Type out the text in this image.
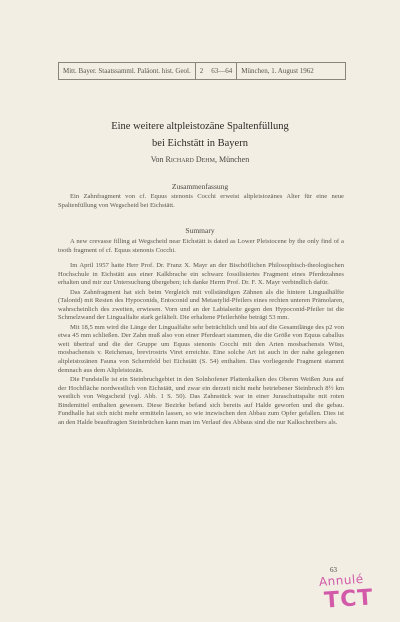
Mitt. Bayer. Staatssamml. Paläont. hist. Geol.	2	63—64	München, 1. August 1962
Eine weitere altpleistozäne Spaltenfüllung
bei Eichstätt in Bayern
Von Richard Dehm, München
Zusammenfassung

Ein Zahnfragment von cf. Equus stenonis Cocchi erweist altpleistozänes Alter für eine neue Spaltenfüllung von Wegscheid bei Eichstätt.

Summary

A new crevasse filling at Wegscheid near Eichstätt is dated as Lower Pleistocene by the only find of a tooth fragment of cf. Equus stenonis Cocchi.

Im April 1957 hatte Herr Prof. Dr. Franz X. Mayr an der Bischöflichen Philosophisch-theologischen Hochschule in Eichstätt aus einer Kalkbrache ein schwarz fossilisiertes Fragment eines Pferdezahnes erhalten und mir zur Untersuchung übergeben; ich danke Herrn Prof. Dr. F. X. Mayr verbindlich dafür.

Das Zahnfragment hat sich beim Vergleich mit vollständigen Zähnen als die hintere Lingualhälfte (Talonid) mit Resten des Hypoconids, Entoconid und Metastylid-Pfeilers eines rechten unteren Prämolaren, wahrscheinlich des zweiten, erwiesen. Vorn und an der Labialseite gegen den Hypoconid-Pfeiler ist die Schmelzwand der Lingualfalte stark gefältelt. Die erhaltene Pfeilerhöhe beträgt 53 mm.

Mit 18,5 mm wird die Länge der Lingualfalte sehr beträchtlich und bis auf die Gesamtlänge des p2 von etwa 45 mm schließen. Der Zahn muß also von einer Pferdeart stammen, die die Größe von Equus caballus weit übertraf und die der Gruppe um Equus stenonis Cocchi mit den Arten mosbachensis Wüst, mosbachensis v. Reichenau, brevirostris Viret erreichte. Eine solche Art ist auch in der nahe gelegenen altpleistozänen Fauna von Schernfeld bei Eichstätt (S. 54) enthalten. Das vorliegende Fragment stammt demnach aus dem Altpleistozän.

Die Fundstelle ist ein Steinbruchgebiet in den Solnhofener Plattenkalken des Oberen Weißen Jura auf der Hochfläche nordwestlich von Eichstätt, und zwar ein derzeit nicht mehr betriebener Steinbruch 8½ km westlich von Wegscheid (vgl. Abb. 1 S. 50). Das Zahnstück war in einer Juraschuttspalte mit roten Bindemittel enthalten gewesen. Diese Bezirke befand sich bereits auf Halde geworfen und die gebau. Fundhalle hat sich nicht mehr ermitteln lassen, so wie inzwischen den Abbau zum Opfer gefallen. Dies ist an den Halde beauftragten Steinbrüchen kann man im Verlauf des Abbaus sind die nur Kalkschreibers als.

63
Annulé
TCT
